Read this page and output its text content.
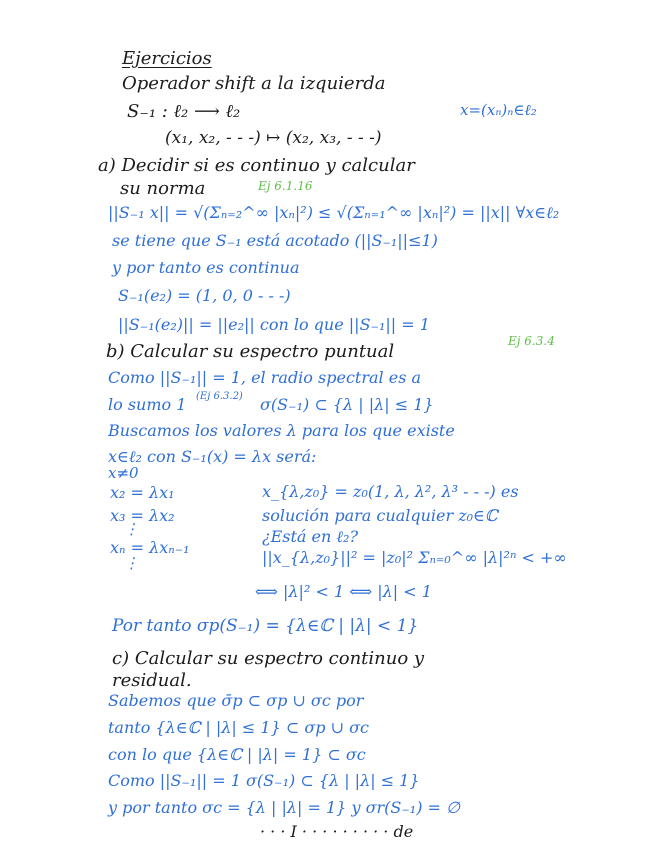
Ejercicios
Operador shift a la izquierda
S₋₁ : ℓ₂ ⟶ ℓ₂	x=(xₙ)ₙ∈ℓ₂
(x₁, x₂, - - -) ↦ (x₂, x₃, - - -)
a) Decidir si es continuo y calcular
su norma	Ej 6.1.16
||S₋₁ x|| = √(Σₙ₌₂^∞ |xₙ|²) ≤ √(Σₙ₌₁^∞ |xₙ|²) = ||x|| ∀x∈ℓ₂
se tiene que S₋₁ está acotado (||S₋₁||≤1)
y por tanto es continua
S₋₁(e₂) = (1, 0, 0 - - -)
||S₋₁(e₂)|| = ||e₂|| con lo que ||S₋₁|| = 1
b) Calcular su espectro puntual	Ej 6.3.4
Como ||S₋₁|| = 1, el radio spectral es a
lo sumo 1 (Ej 6.3.2) σ(S₋₁) ⊂ {λ | |λ| ≤ 1}
Buscamos los valores λ para los que existe
x∈ℓ₂ con S₋₁(x) = λx será:
x≠0
x₂ = λx₁
x₃ = λx₂
⋮
xₙ = λxₙ₋₁
⋮
x_{λ,z₀} = z₀(1, λ, λ², λ³ - - -) es
solución para cualquier z₀∈ℂ
¿Está en ℓ₂?
||x_{λ,z₀}||² = |z₀|² Σₙ₌₀^∞ |λ|²ⁿ < +∞
⟺ |λ|² < 1 ⟺ |λ| < 1
Por tanto σp(S₋₁) = {λ∈ℂ | |λ| < 1}
c) Calcular su espectro continuo y
residual.
Sabemos que σ̄p ⊂ σp ∪ σc por
tanto {λ∈ℂ | |λ| ≤ 1} ⊂ σp ∪ σc
con lo que {λ∈ℂ | |λ| = 1} ⊂ σc
Como ||S₋₁|| = 1 σ(S₋₁) ⊂ {λ | |λ| ≤ 1}
y por tanto σc = {λ | |λ| = 1} y σr(S₋₁) = ∅
· · · I · · · · · · · · · de
